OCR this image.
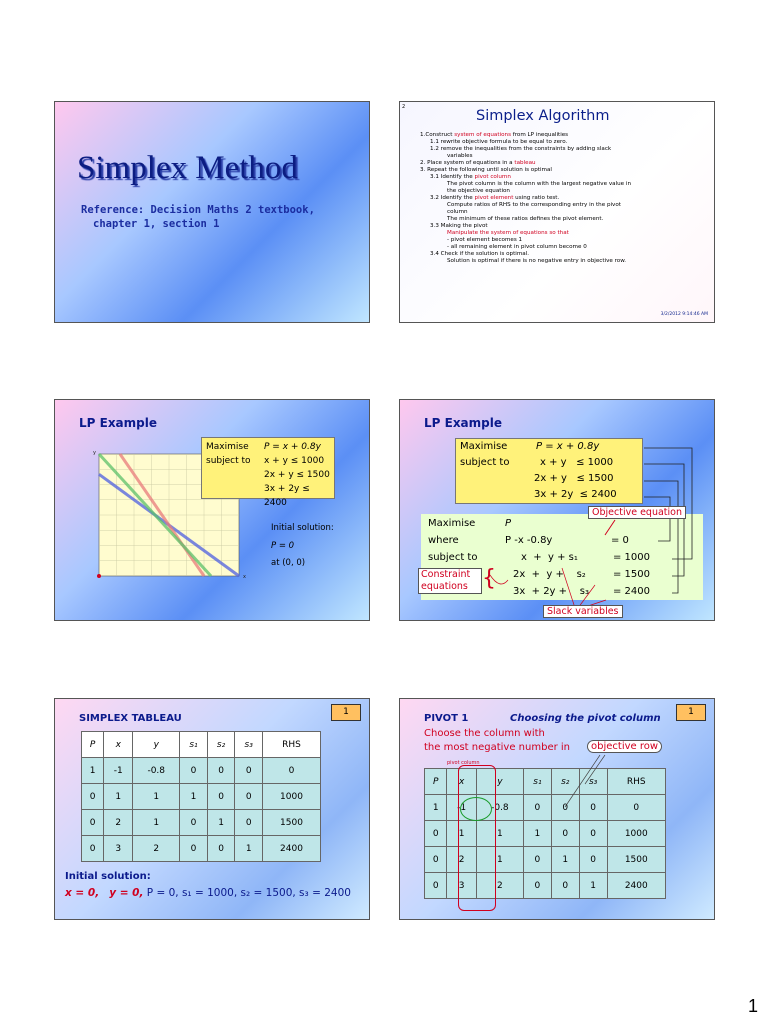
Simplex Method
Reference: Decision Maths 2 textbook,
chapter 1, section 1
2
Simplex Algorithm
1.Construct system of equations from LP inequalities
1.1 rewrite objective formula to be equal to zero.
1.2 remove the inequalities from the constraints by adding slack
variables
2. Place system of equations in a tableau
3. Repeat the following until solution is optimal
3.1 Identify the pivot column
The pivot column is the column with the largest negative value in
the objective equation
3.2 Identify the pivot element using ratio test.
Compute ratios of RHS to the corresponding entry in the pivot
column
The minimum of these ratios defines the pivot element.
3.3 Making the pivot
Manipulate the system of equations so that
- pivot element becomes 1
- all remaining element in pivot column become 0
3.4 Check if the solution is optimal.
Solution is optimal if there is no negative entry in objective row.
3/2/2012 9:14:46 AM
LP Example
x
y
Maximise P = x + 0.8y
subject to x + y ≤ 1000
2x + y ≤ 1500
3x + 2y ≤ 2400
Initial solution:
P = 0
at (0, 0)
LP Example
Maximise	P = x + 0.8y
subject to	x + y   ≤ 1000
2x + y   ≤ 1500
3x + 2y  ≤ 2400
Maximise	P
where	P -x -0.8y	= 0
subject to	x  +  y + s₁	= 1000
2x  +  y +    s₂	= 1500
3x  + 2y +    s₃ = 2400
Objective equation
Constraint equations {
Slack variables
1
SIMPLEX TABLEAU
P	x	y	s₁	s₂	s₃	RHS
1	-1	-0.8	0	0	0	0
0	1	1	1	0	0	1000
0	2	1	0	1	0	1500
0	3	2	0	0	1	2400
Initial solution:
x = 0, y = 0, P = 0, s₁ = 1000, s₂ = 1500, s₃ = 2400
1
PIVOT 1	Choosing the pivot column
Choose the column with
the most negative number in	objective row
pivot column
P	x	y	s₁	s₂	s₃	RHS
1	-1	-0.8	0	0	0	0
0	1	1	1	0	0	1000
0	2	1	0	1	0	1500
0	3	2	0	0	1	2400
1
